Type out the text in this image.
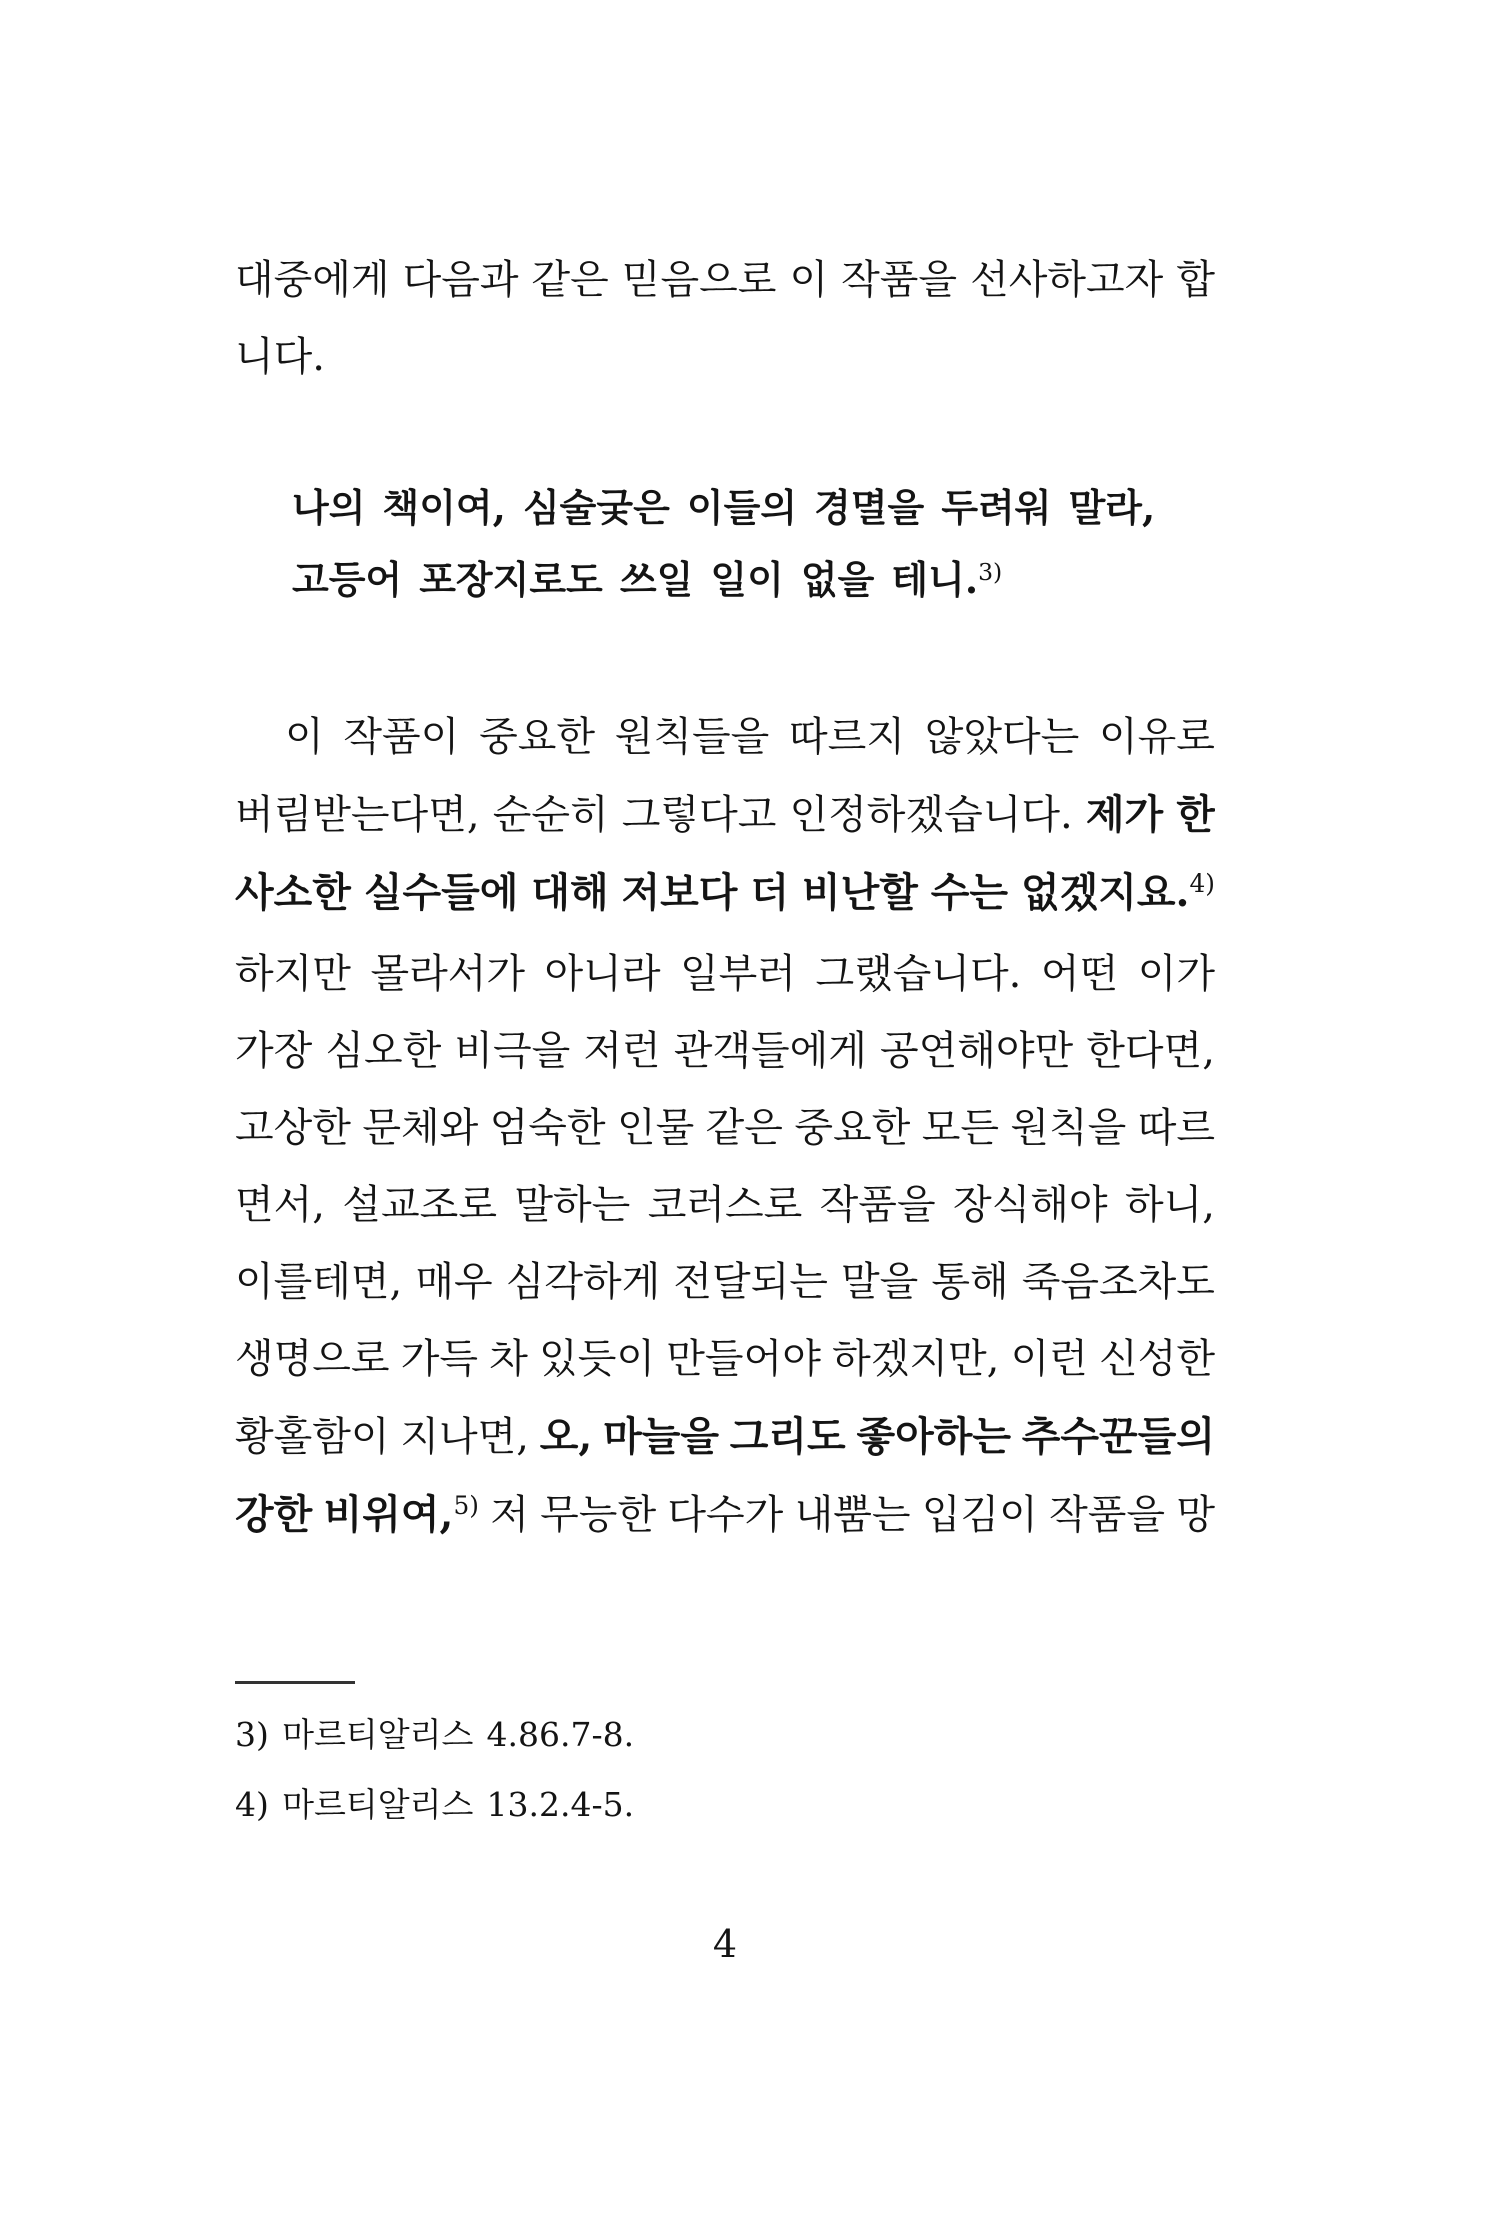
대중에게 다음과 같은 믿음으로 이 작품을 선사하고자 합
니다.
나의 책이여, 심술궂은 이들의 경멸을 두려워 말라,
고등어 포장지로도 쓰일 일이 없을 테니.$^{3)}$
이 작품이 중요한 원칙들을 따르지 않았다는 이유로
버림받는다면, 순순히 그렇다고 인정하겠습니다. 제가 한
사소한 실수들에 대해 저보다 더 비난할 수는 없겠지요.$^{4)}$
하지만 몰라서가 아니라 일부러 그랬습니다. 어떤 이가
가장 심오한 비극을 저런 관객들에게 공연해야만 한다면,
고상한 문체와 엄숙한 인물 같은 중요한 모든 원칙을 따르
면서, 설교조로 말하는 코러스로 작품을 장식해야 하니,
이를테면, 매우 심각하게 전달되는 말을 통해 죽음조차도
생명으로 가득 차 있듯이 만들어야 하겠지만, 이런 신성한
황홀함이 지나면, 오, 마늘을 그리도 좋아하는 추수꾼들의
강한 비위여,$^{5)}$ 저 무능한 다수가 내뿜는 입김이 작품을 망
3) 마르티알리스 4.86.7-8.
4) 마르티알리스 13.2.4-5.
4
